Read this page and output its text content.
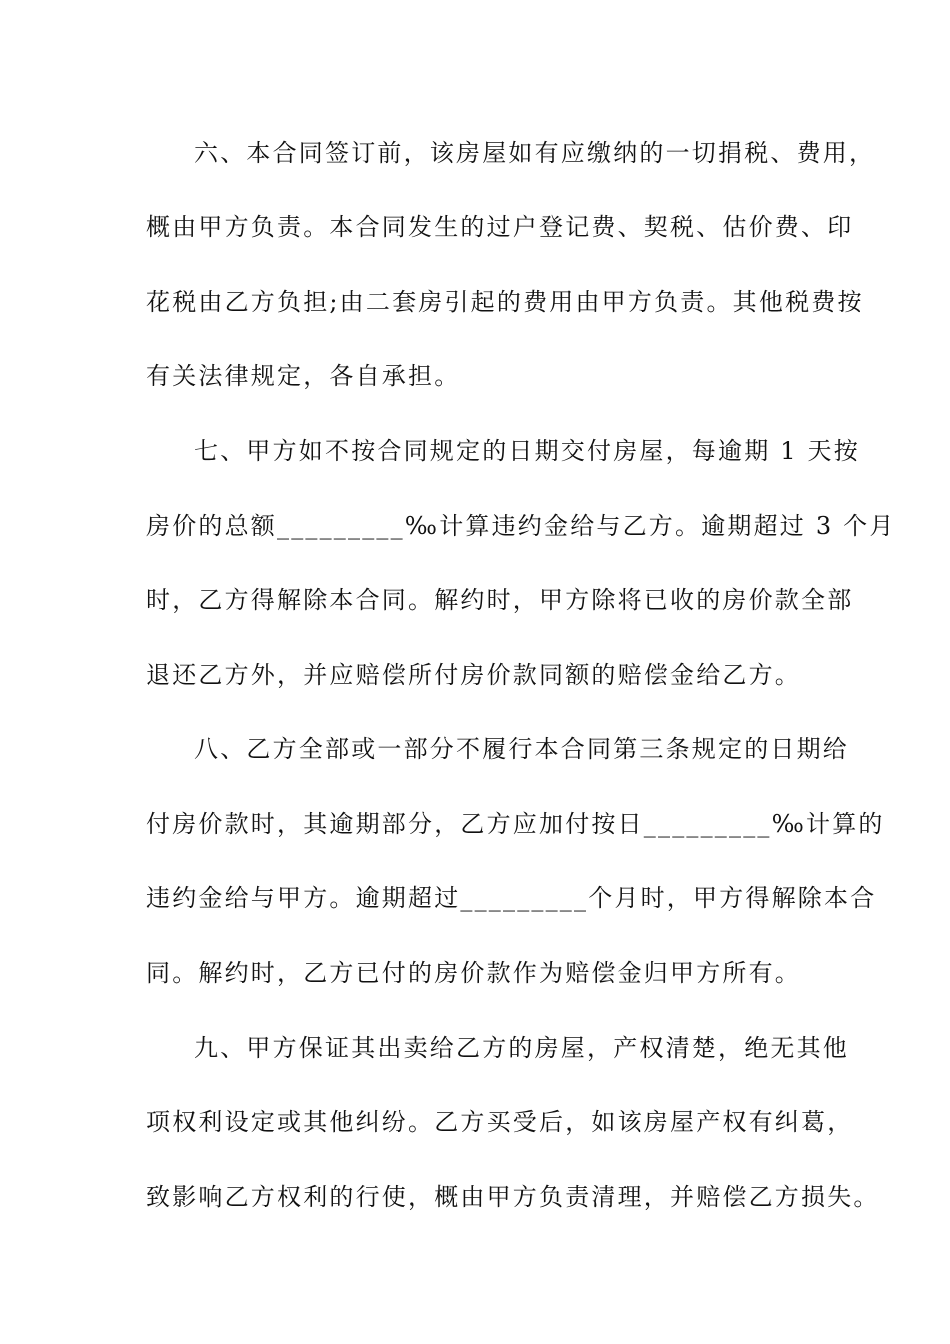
六、本合同签订前，该房屋如有应缴纳的一切捐税、费用，
概由甲方负责。本合同发生的过户登记费、契税、估价费、印
花税由乙方负担;由二套房引起的费用由甲方负责。其他税费按
有关法律规定，各自承担。
七、甲方如不按合同规定的日期交付房屋，每逾期 1 天按
房价的总额_________‰计算违约金给与乙方。逾期超过 3 个月
时，乙方得解除本合同。解约时，甲方除将已收的房价款全部
退还乙方外，并应赔偿所付房价款同额的赔偿金给乙方。
八、乙方全部或一部分不履行本合同第三条规定的日期给
付房价款时，其逾期部分，乙方应加付按日_________‰计算的
违约金给与甲方。逾期超过_________个月时，甲方得解除本合
同。解约时，乙方已付的房价款作为赔偿金归甲方所有。
九、甲方保证其出卖给乙方的房屋，产权清楚，绝无其他
项权利设定或其他纠纷。乙方买受后，如该房屋产权有纠葛，
致影响乙方权利的行使，概由甲方负责清理，并赔偿乙方损失。
